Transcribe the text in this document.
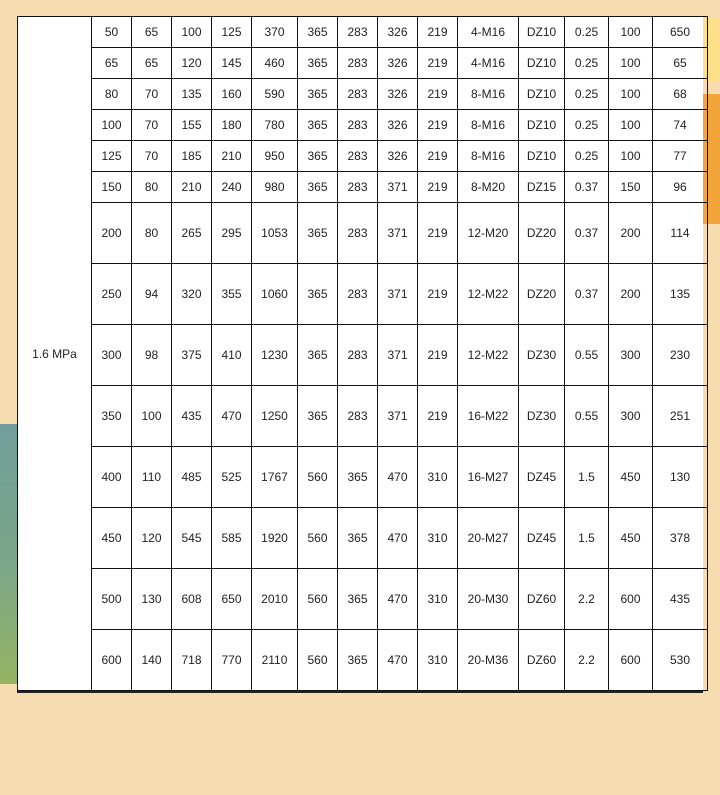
1.6 MPa	50	65	100	125	370	365	283	326	219	4-M16	DZ10	0.25	100	650
	65	65	120	145	460	365	283	326	219	4-M16	DZ10	0.25	100	65
	80	70	135	160	590	365	283	326	219	8-M16	DZ10	0.25	100	68
	100	70	155	180	780	365	283	326	219	8-M16	DZ10	0.25	100	74
	125	70	185	210	950	365	283	326	219	8-M16	DZ10	0.25	100	77
	150	80	210	240	980	365	283	371	219	8-M20	DZ15	0.37	150	96
	200	80	265	295	1053	365	283	371	219	12-M20	DZ20	0.37	200	114
	250	94	320	355	1060	365	283	371	219	12-M22	DZ20	0.37	200	135
	300	98	375	410	1230	365	283	371	219	12-M22	DZ30	0.55	300	230
	350	100	435	470	1250	365	283	371	219	16-M22	DZ30	0.55	300	251
	400	110	485	525	1767	560	365	470	310	16-M27	DZ45	1.5	450	130
	450	120	545	585	1920	560	365	470	310	20-M27	DZ45	1.5	450	378
	500	130	608	650	2010	560	365	470	310	20-M30	DZ60	2.2	600	435
	600	140	718	770	2110	560	365	470	310	20-M36	DZ60	2.2	600	530
